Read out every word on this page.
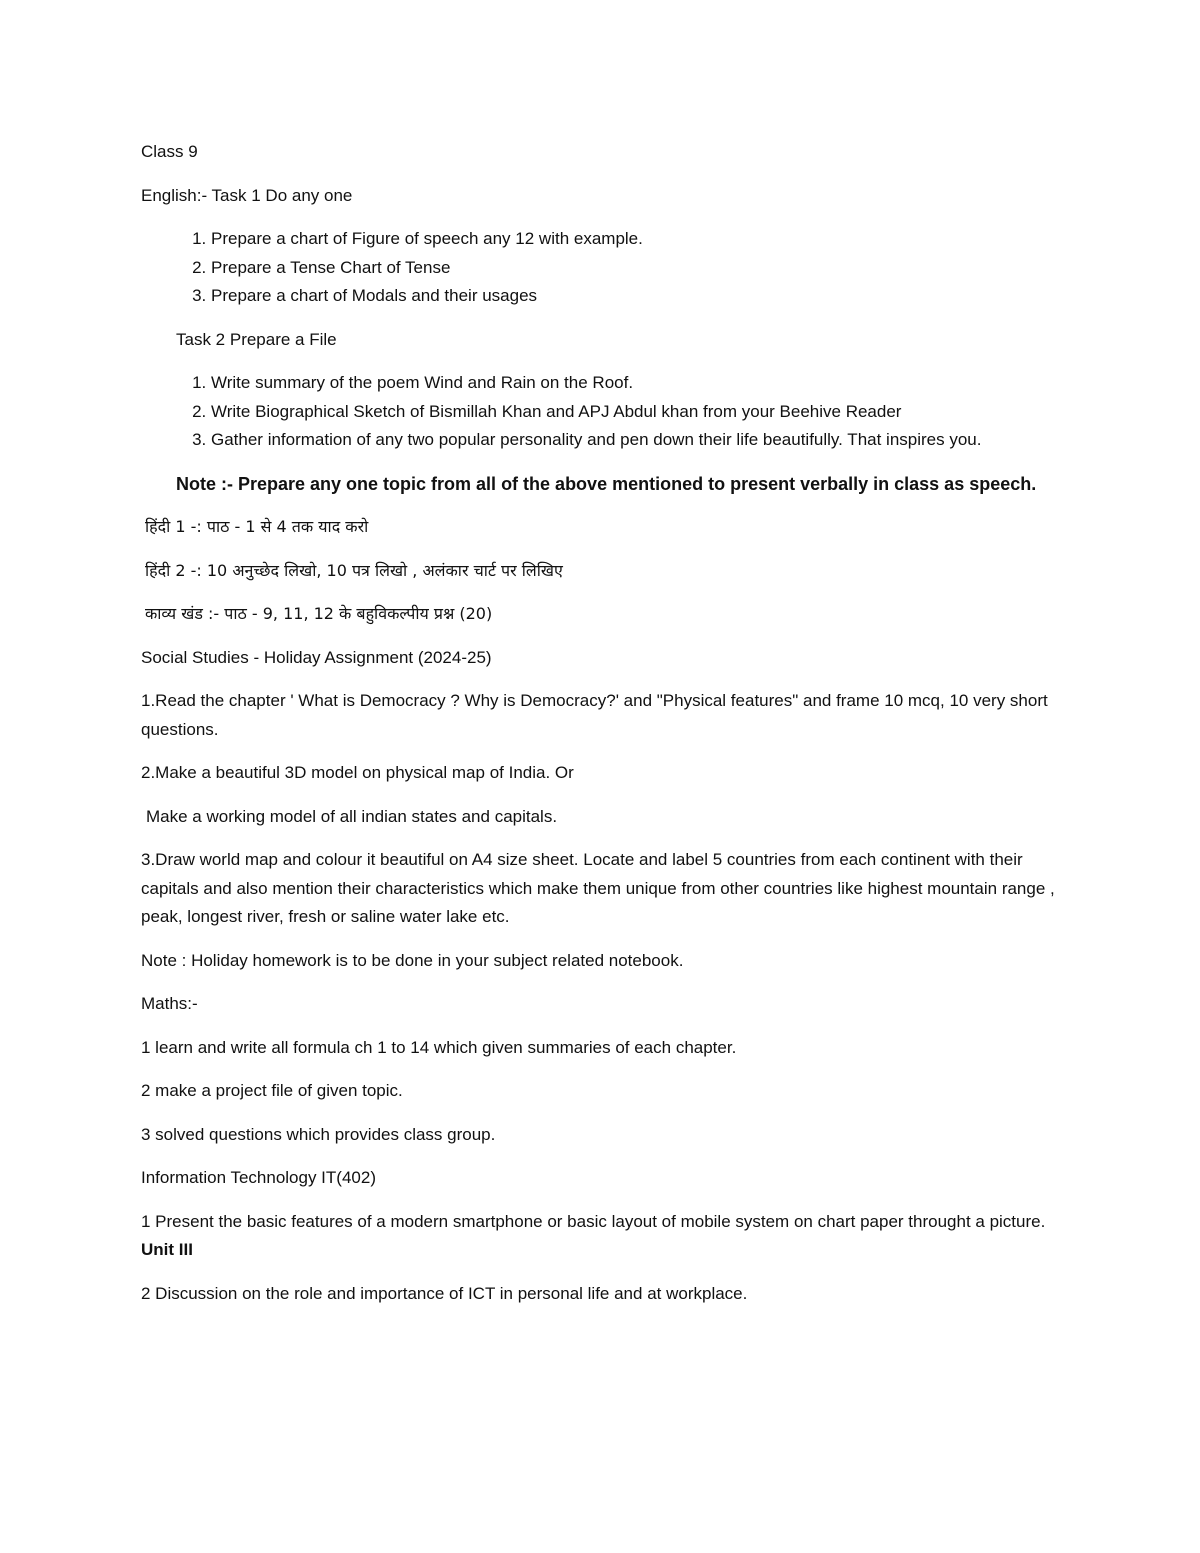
Class 9

English:- Task 1 Do any one

1. Prepare a chart of Figure of speech any 12 with example.
2. Prepare a Tense Chart of Tense
3. Prepare a chart of Modals and their usages

Task 2 Prepare a File

1. Write summary of the poem Wind and Rain on the Roof.
2. Write Biographical Sketch of Bismillah Khan and APJ Abdul khan from your Beehive Reader
3. Gather information of any two popular personality and pen down their life beautifully. That inspires you.

Note :- Prepare any one topic from all of the above mentioned to present verbally in class as speech.

हिंदी 1 -: पाठ - 1 से 4 तक याद करो

हिंदी 2 -: 10 अनुच्छेद लिखो, 10 पत्र लिखो , अलंकार चार्ट पर लिखिए

काव्य खंड :- पाठ - 9, 11, 12 के बहुविकल्पीय प्रश्न (20)

Social Studies - Holiday Assignment (2024-25)

1.Read the chapter ' What is Democracy ? Why is Democracy?' and "Physical features" and frame 10 mcq, 10 very short questions.

2.Make a beautiful 3D model on physical map of India. Or

Make a working model of all indian states and capitals.

3.Draw world map and colour it beautiful on A4 size sheet. Locate and label 5 countries from each continent with their capitals and also mention their characteristics which make them unique from other countries like highest mountain range , peak, longest river, fresh or saline water lake etc.

Note : Holiday homework is to be done in your subject related notebook.

Maths:-

1 learn and write all formula ch 1 to 14 which given summaries of each chapter.

2 make a project file of given topic.

3 solved questions which provides class group.

Information Technology IT(402)

1 Present the basic features of a modern smartphone or basic layout of mobile system on chart paper throught a picture. Unit III

2 Discussion on the role and importance of ICT in personal life and at workplace.
